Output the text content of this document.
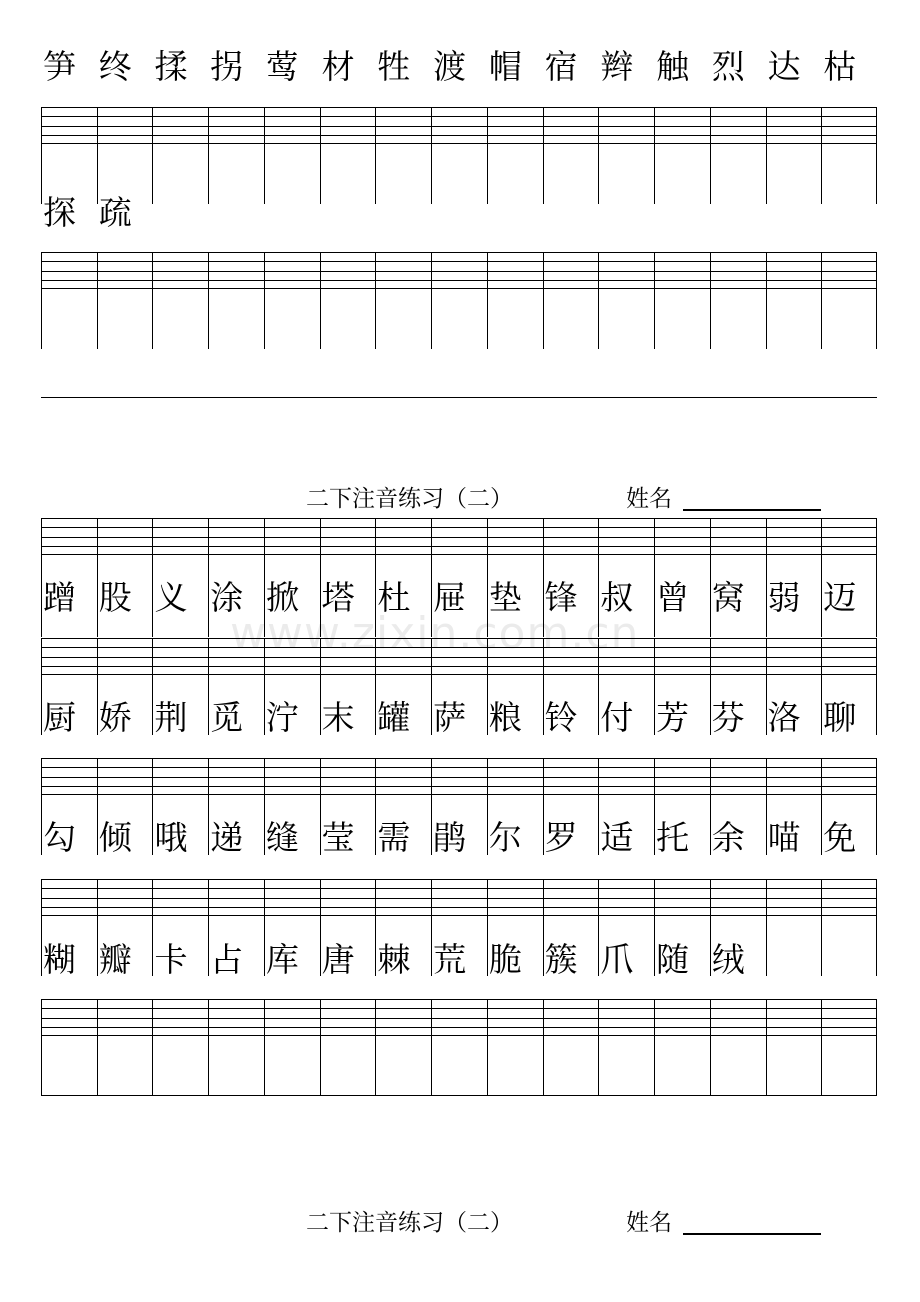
笋 终 揉 拐 莺 材 牲 渡 帽 宿 辫 触 烈 达 枯
探 疏
二下注音练习（二）	姓名
蹭 股 义 涂 掀 塔 杜 屉 垫 锋 叔 曾 窝 弱 迈
厨 娇 荆 觅 泞 末 罐 萨 粮 铃 付 芳 芬 洛 聊
勾 倾 哦 递 缝 莹 需 鹃 尔 罗 适 托 余 喵 免
糊 瓣 卡 占 库 唐 棘 荒 脆 簇 爪 随 绒
二下注音练习（二）	姓名
www.zixin.com.cn
